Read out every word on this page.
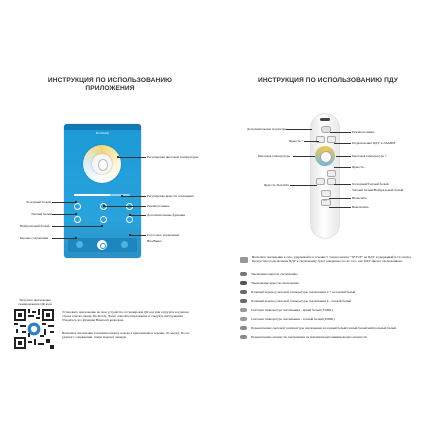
ИНСТРУКЦИЯ ПО ИСПОЛЬЗОВАНИЮ
ПРИЛОЖЕНИЯ
Dn Dcady
Регулировка цветовой температуры
Регулировка яркости освещения
Режим ночника
Дополнительные функции
Голосовое управление
Вкл/Выкл
Холодный белый
Теплый белый
Нейтральный белый
Кнопка сохранения
Загрузите приложение
сканированием QR кода
Установите приложение на свое устройство отсканировав QR код или загрузите в нужном строке поиска, введя: Dn Dcady. Далее откройте приложение и следуйте инструкциям. Убедитесь что функция Bluetooth включена.
Включите светильник и нажмите кнопку поиска в приложении в течение 10 секунд. После удачного сопряжения, лампа моргнет дважды.
ИНСТРУКЦИЯ ПО ИСПОЛЬЗОВАНИЮ ПДУ
OFF
Дополнительная подсветка
Яркость +
Цветовая температура
Яркость max/min
Режим ночника
Подключение ПДУ к ЛАМПЕ
Цветовая температура +
Яркость -
Холодный/Теплый белый
Теплый белый/Нейтральный белый
Включить
Выключить
Включите светильник в сеть, удерживайте в течение 5 секунд кнопку "SETUP" на ПДУ и удерживайте 10 секунд. Пропустите подключение ПДУ к светильнику будет завершено после того, как ПДУ мигнет светильником.
Увеличение яркости светильника
Уменьшение яркости светильника
Плавный переход световой температуры светильника в + холодный белый
Плавный переход световой температуры светильника в - теплый белый
Световая температура светильника - яркий белый (3500К)
Световая температура светильника - теплый белый (6500К)
Переключение световой температуры светильника холодный белый/теплый белый/нейтральный белый
Переключение мощности светильника на максимальную/минимальную мощности
